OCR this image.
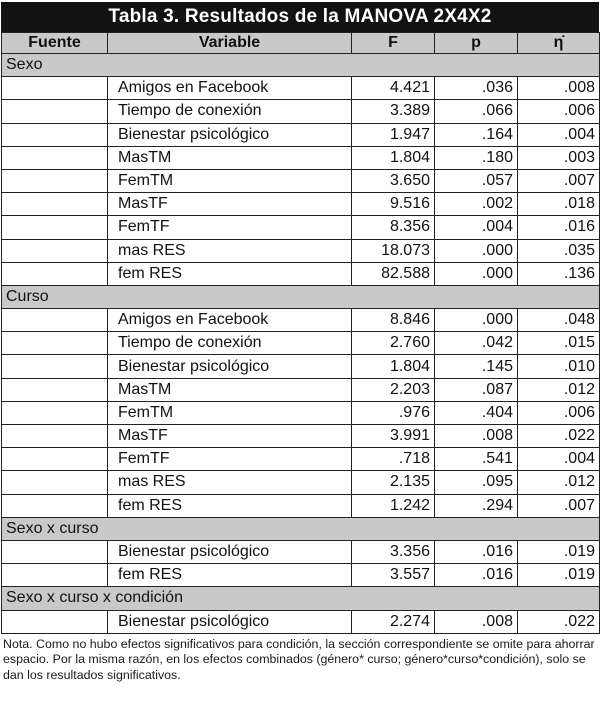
Tabla 3. Resultados de la MANOVA 2X4X2
Fuente	Variable	F	p	η̇
Sexo				
	Amigos en Facebook	4.421	.036	.008
	Tiempo de conexión	3.389	.066	.006
	Bienestar psicológico	1.947	.164	.004
	MasTM	1.804	.180	.003
	FemTM	3.650	.057	.007
	MasTF	9.516	.002	.018
	FemTF	8.356	.004	.016
	mas RES	18.073	.000	.035
	fem RES	82.588	.000	.136
Curso				
	Amigos en Facebook	8.846	.000	.048
	Tiempo de conexión	2.760	.042	.015
	Bienestar psicológico	1.804	.145	.010
	MasTM	2.203	.087	.012
	FemTM	.976	.404	.006
	MasTF	3.991	.008	.022
	FemTF	.718	.541	.004
	mas RES	2.135	.095	.012
	fem RES	1.242	.294	.007
Sexo x curso				
	Bienestar psicológico	3.356	.016	.019
	fem RES	3.557	.016	.019
Sexo x curso x condición				
	Bienestar psicológico	2.274	.008	.022
Nota. Como no hubo efectos significativos para condición, la sección correspondiente se omite para ahorrar espacio. Por la misma razón, en los efectos combinados (género* curso; género*curso*condición), solo se dan los resultados significativos.
